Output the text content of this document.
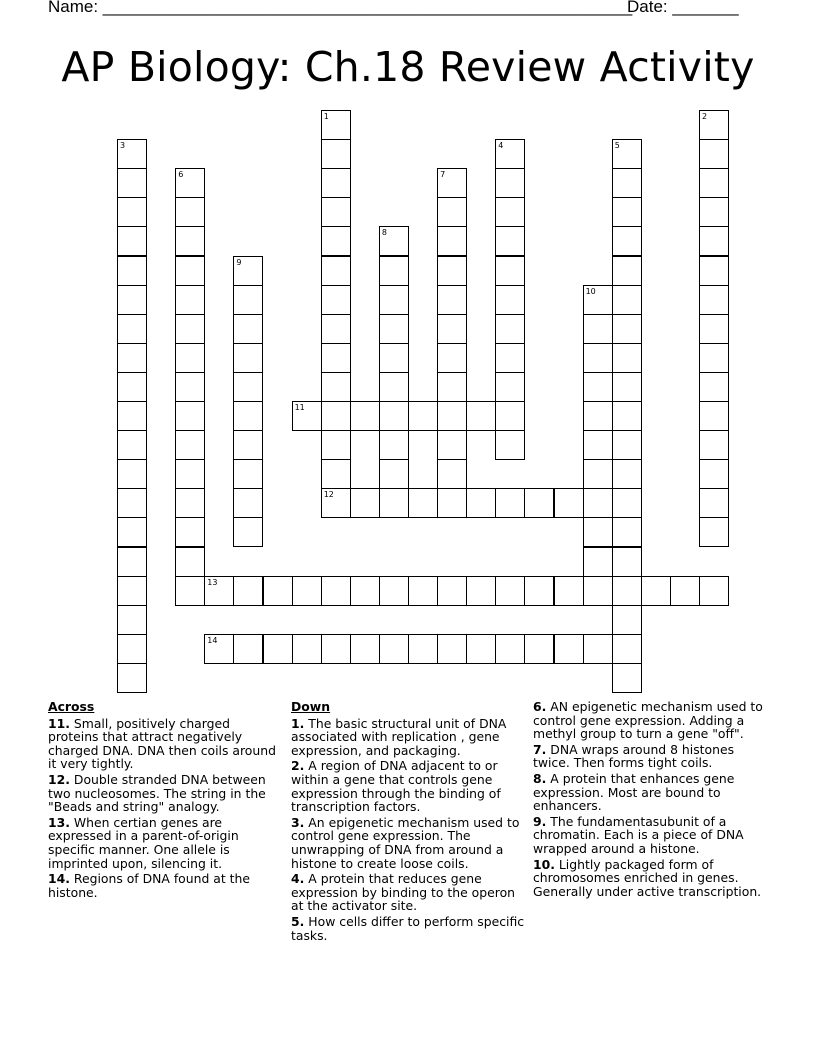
Name: ________________________________________________________
Date: _______
AP Biology: Ch.18 Review Activity
1	2
3	4	5
6	7
8
9
10
11
12
13
14
Across
11. Small, positively charged proteins that attract negatively charged DNA. DNA then coils around it very tightly.
12. Double stranded DNA between two nucleosomes. The string in the "Beads and string" analogy.
13. When certian genes are expressed in a parent-of-origin specific manner. One allele is imprinted upon, silencing it.
14. Regions of DNA found at the histone.
Down
1. The basic structural unit of DNA associated with replication , gene expression, and packaging.
2. A region of DNA adjacent to or within a gene that controls gene expression through the binding of transcription factors.
3. An epigenetic mechanism used to control gene expression. The unwrapping of DNA from around a histone to create loose coils.
4. A protein that reduces gene expression by binding to the operon at the activator site.
5. How cells differ to perform specific tasks.
6. AN epigenetic mechanism used to control gene expression. Adding a methyl group to turn a gene "off".
7. DNA wraps around 8 histones twice. Then forms tight coils.
8. A protein that enhances gene expression. Most are bound to enhancers.
9. The fundamentasubunit of a chromatin. Each is a piece of DNA wrapped around a histone.
10. Lightly packaged form of chromosomes enriched in genes. Generally under active transcription.
